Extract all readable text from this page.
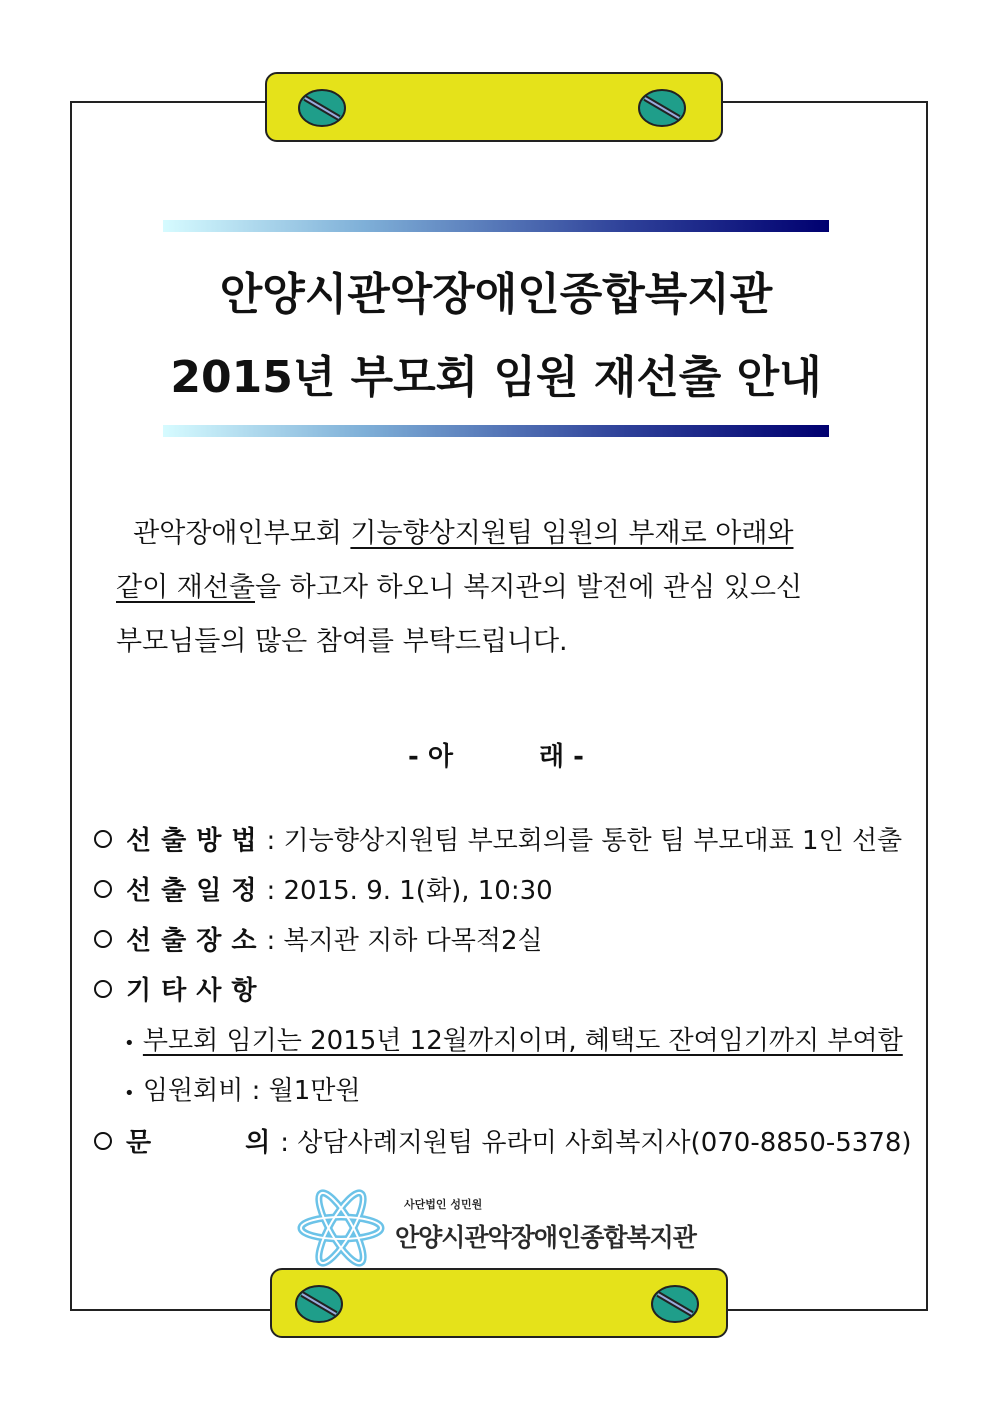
안양시관악장애인종합복지관
2015년 부모회 임원 재선출 안내
관악장애인부모회 기능향상지원팀 임원의 부재로 아래와
같이 재선출을 하고자 하오니 복지관의 발전에 관심 있으신
부모님들의 많은 참여를 부탁드립니다.
- 아	래 -
선출방법: 기능향상지원팀 부모회의를 통한 팀 부모대표 1인 선출
선출일정: 2015. 9. 1(화), 10:30
선출장소: 복지관 지하 다목적2실
기타사항
• 부모회 임기는 2015년 12월까지이며, 혜택도 잔여임기까지 부여함
• 임원회비 : 월1만원
문	의: 상담사례지원팀 유라미 사회복지사(070-8850-5378)
사단법인 성민원
안양시관악장애인종합복지관
